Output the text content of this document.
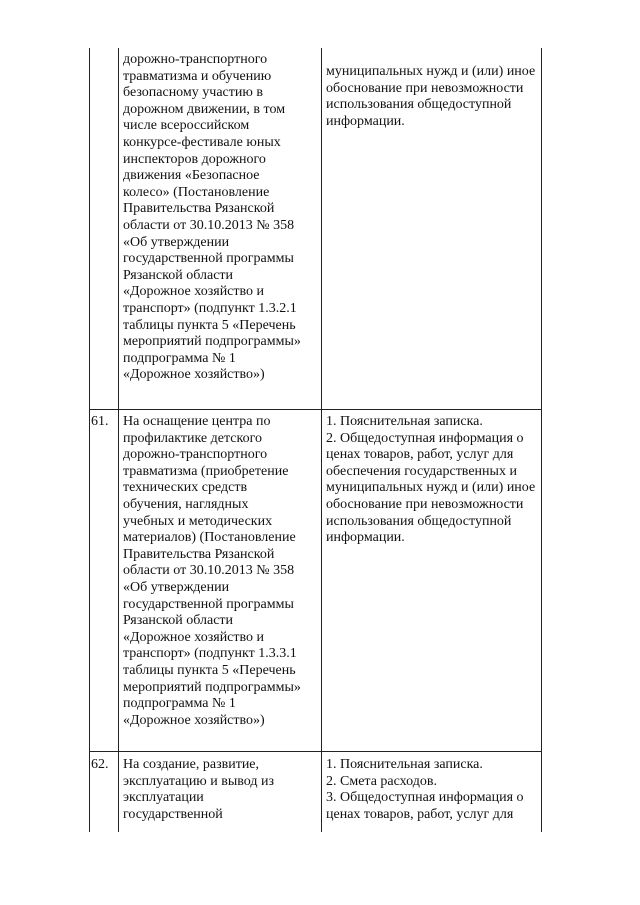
дорожно-транспортного
травматизма и обучению
безопасному участию в
дорожном движении, в том
числе всероссийском
конкурсе-фестивале юных
инспекторов дорожного
движения «Безопасное
колесо» (Постановление
Правительства Рязанской
области от 30.10.2013 № 358
«Об утверждении
государственной программы
Рязанской области
«Дорожное хозяйство и
транспорт» (подпункт 1.3.2.1
таблицы пункта 5 «Перечень
мероприятий подпрограммы»
подпрограмма № 1
«Дорожное хозяйство»)
муниципальных нужд и (или) иное
обоснование при невозможности
использования общедоступной
информации.
61.	На оснащение центра по
профилактике детского
дорожно-транспортного
травматизма (приобретение
технических средств
обучения, наглядных
учебных и методических
материалов) (Постановление
Правительства Рязанской
области от 30.10.2013 № 358
«Об утверждении
государственной программы
Рязанской области
«Дорожное хозяйство и
транспорт» (подпункт 1.3.3.1
таблицы пункта 5 «Перечень
мероприятий подпрограммы»
подпрограмма № 1
«Дорожное хозяйство»)
1. Пояснительная записка.
2. Общедоступная информация о
ценах товаров, работ, услуг для
обеспечения государственных и
муниципальных нужд и (или) иное
обоснование при невозможности
использования общедоступной
информации.
62.	На создание, развитие,
эксплуатацию и вывод из
эксплуатации
государственной
1. Пояснительная записка.
2. Смета расходов.
3. Общедоступная информация о
ценах товаров, работ, услуг для
